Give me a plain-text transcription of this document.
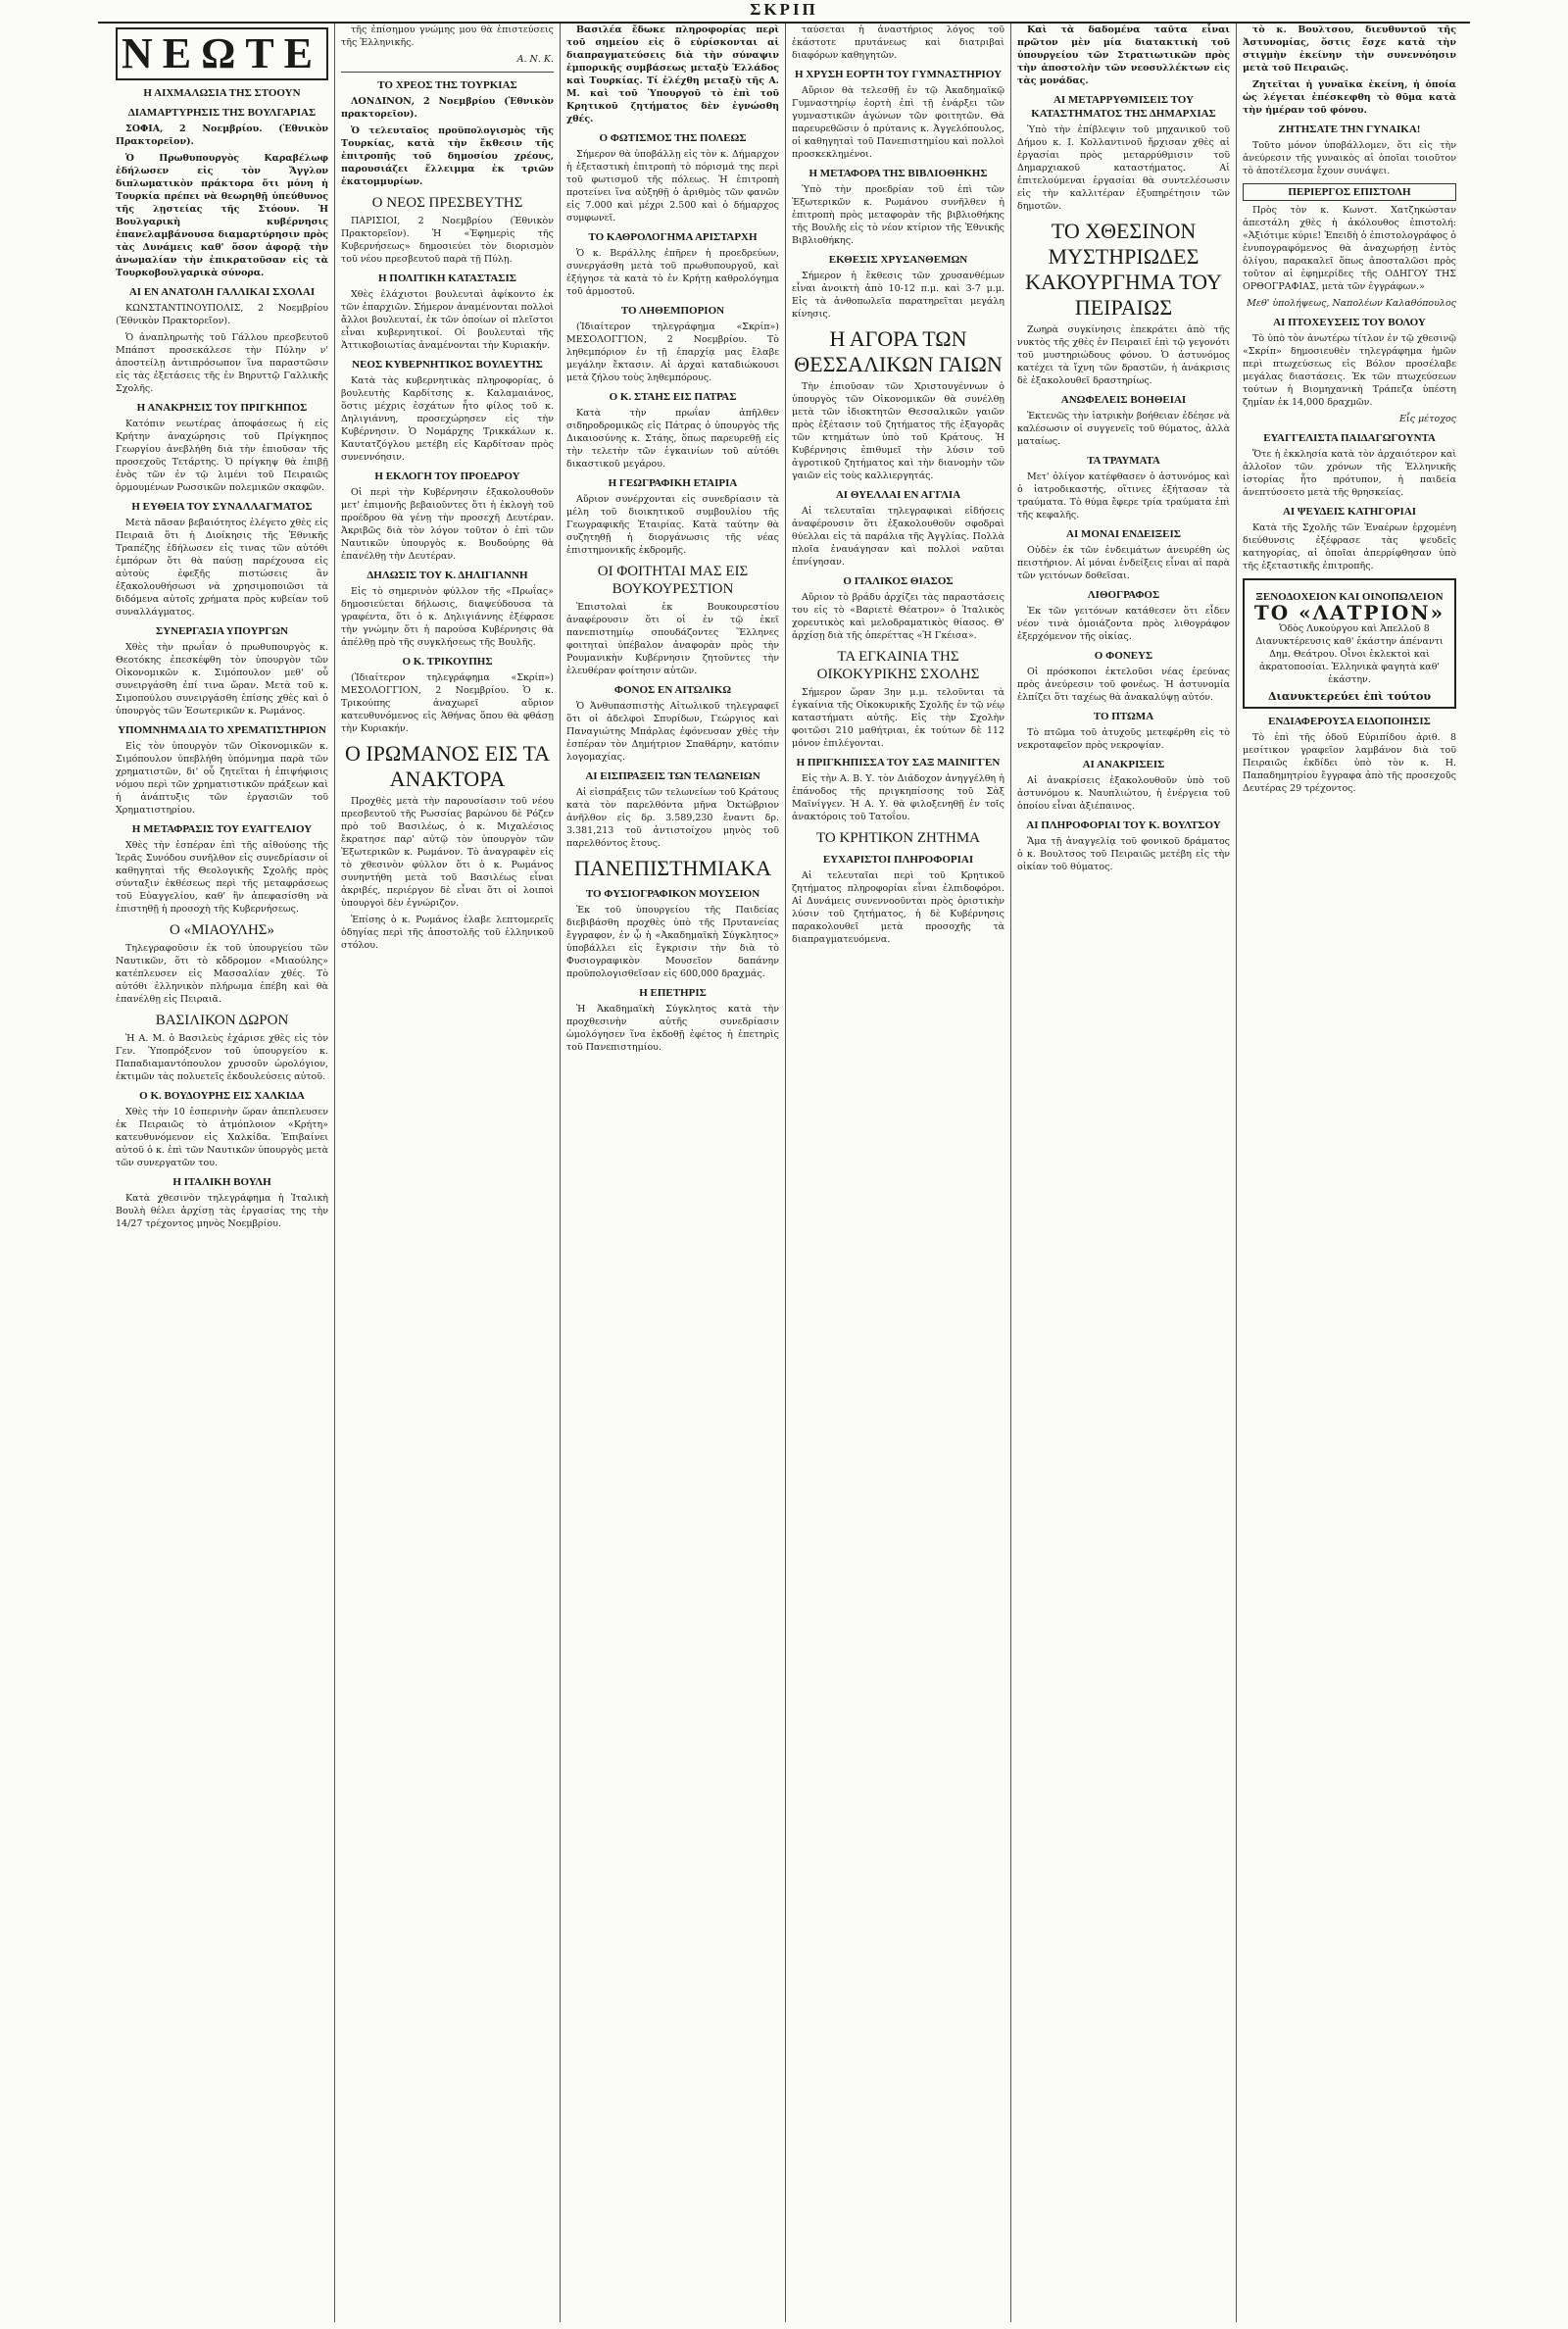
ΣΚΡΙΠ
ΝΕΩΤΕ
Η ΑΙΧΜΑΛΩΣΙΑ ΤΗΣ ΣΤΟΟΥΝ
ΔΙΑΜΑΡΤΥΡΗΣΙΣ ΤΗΣ ΒΟΥΛΓΑΡΙΑΣ

ΣΟΦΙΑ, 2 Νοεμβρίου. (Ἐθνικὸν Πρακτορεῖον).

Ὁ Πρωθυπουργὸς Καραβέλωφ ἐδήλωσεν εἰς τὸν Ἄγγλον διπλωματικὸν πράκτορα ὅτι μόνη ἡ Τουρκία πρέπει νὰ θεωρηθῇ ὑπεύθυνος τῆς λῃστείας τῆς Στόουν. Ἡ Βουλγαρικὴ κυβέρνησις ἐπανελαμβάνουσα διαμαρτύρησιν πρὸς τὰς Δυνάμεις καθ' ὅσον ἀφορᾷ τὴν ἀνωμαλίαν τὴν ἐπικρατοῦσαν εἰς τὰ Τουρκοβουλγαρικὰ σύνορα.

ΑΙ ΕΝ ΑΝΑΤΟΛΗ ΓΑΛΛΙΚΑΙ ΣΧΟΛΑΙ

ΚΩΝΣΤΑΝΤΙΝΟΥΠΟΛΙΣ, 2 Νοεμβρίου (Ἐθνικὸν Πρακτορεῖον).

Ὁ ἀναπληρωτὴς τοῦ Γάλλου πρεσβευτοῦ Μπάπστ προσεκάλεσε τὴν Πύλην ν' ἀποστείλῃ ἀντιπρόσωπον ἵνα παραστῶσιν εἰς τὰς ἐξετάσεις τῆς ἐν Βηρυττῷ Γαλλικῆς Σχολῆς.

Η ΑΝΑΚΡΗΣΙΣ ΤΟΥ ΠΡΙΓΚΗΠΟΣ

Κατόπιν νεωτέρας ἀποφάσεως ἡ εἰς Κρήτην ἀναχώρησις τοῦ Πρίγκηπος Γεωργίου ἀνεβλήθη διὰ τὴν ἐπιοῦσαν τῆς προσεχοῦς Τετάρτης. Ὁ πρίγκηψ θὰ ἐπιβῇ ἐνὸς τῶν ἐν τῷ λιμένι τοῦ Πειραιῶς ὁρμουμένων Ρωσσικῶν πολεμικῶν σκαφῶν.

Η ΕΥΘΕΙΑ ΤΟΥ ΣΥΝΑΛΛΑΓΜΑΤΟΣ

Μετὰ πᾶσαν βεβαιότητος ἐλέγετο χθὲς εἰς Πειραιᾶ ὅτι ἡ Διοίκησις τῆς Ἐθνικῆς Τραπέζης ἐδήλωσεν εἰς τινας τῶν αὐτόθι ἐμπόρων ὅτι θὰ παύσῃ παρέχουσα εἰς αὐτοὺς ἐφεξῆς πιστώσεις ἂν ἐξακολουθήσωσι νὰ χρησιμοποιῶσι τὰ διδόμενα αὐτοῖς χρήματα πρὸς κυβείαν τοῦ συναλλάγματος.

ΣΥΝΕΡΓΑΣΙΑ ΥΠΟΥΡΓΩΝ

Χθὲς τὴν πρωΐαν ὁ πρωθυπουργὸς κ. Θεοτόκης ἐπεσκέφθη τὸν ὑπουργὸν τῶν Οἰκονομικῶν κ. Σιμόπουλον μεθ' οὗ συνειργάσθη ἐπί τινα ὥραν. Μετὰ τοῦ κ. Σιμοπούλου συνειργάσθη ἐπίσης χθὲς καὶ ὁ ὑπουργὸς τῶν Ἐσωτερικῶν κ. Ρωμάνος.

ΥΠΟΜΝΗΜΑ ΔΙΑ ΤΟ ΧΡΕΜΑΤΙΣΤΗΡΙΟΝ

Εἰς τὸν ὑπουργὸν τῶν Οἰκονομικῶν κ. Σιμόπουλον ὑπεβλήθη ὑπόμνημα παρὰ τῶν χρηματιστῶν, δι' οὗ ζητεῖται ἡ ἐπιψήφισις νόμου περὶ τῶν χρηματιστικῶν πράξεων καὶ ἡ ἀνάπτυξις τῶν ἐργασιῶν τοῦ Χρηματιστηρίου.

Η ΜΕΤΑΦΡΑΣΙΣ ΤΟΥ ΕΥΑΓΓΕΛΙΟΥ

Χθὲς τὴν ἑσπέραν ἐπὶ τῆς αἰθούσης τῆς Ἱερᾶς Συνόδου συνῆλθον εἰς συνεδρίασιν οἱ καθηγηταὶ τῆς Θεολογικῆς Σχολῆς πρὸς σύνταξιν ἐκθέσεως περὶ τῆς μεταφράσεως τοῦ Εὐαγγελίου, καθ' ἣν ἀπεφασίσθη νὰ ἐπιστηθῇ ἡ προσοχὴ τῆς Κυβερνήσεως.

Ο «ΜΙΑΟΥΛΗΣ»

Τηλεγραφοῦσιν ἐκ τοῦ ὑπουργείου τῶν Ναυτικῶν, ὅτι τὸ κὄδρομον «Μιαούλης» κατέπλευσεν εἰς Μασσαλίαν χθές. Τὸ αὐτόθι ἑλληνικὸν πλήρωμα ἐπέβη καὶ θὰ ἐπανέλθῃ εἰς Πειραιᾶ.

ΒΑΣΙΛΙΚΟΝ ΔΩΡΟΝ

Ἡ Α. Μ. ὁ Βασιλεὺς ἐχάρισε χθὲς εἰς τὸν Γεν. Ὑποπρόξενον τοῦ ὑπουργείου κ. Παπαδιαμαντόπουλον χρυσοῦν ὡρολόγιον, ἐκτιμῶν τὰς πολυετεῖς ἐκδουλεύσεις αὐτοῦ.

Ο Κ. ΒΟΥΔΟΥΡΗΣ ΕΙΣ ΧΑΛΚΙΔΑ

Χθὲς τὴν 10 ἑσπερινὴν ὥραν ἀπεπλευσεν ἐκ Πειραιῶς τὸ ἀτμόπλοιον «Κρήτη» κατευθυνόμενον εἰς Χαλκίδα. Ἐπιβαίνει αὐτοῦ ὁ κ. ἐπὶ τῶν Ναυτικῶν ὑπουργὸς μετὰ τῶν συνεργατῶν του.

Η ΙΤΑΛΙΚΗ ΒΟΥΛΗ

Κατὰ χθεσινὸν τηλεγράφημα ἡ Ἰταλικὴ Βουλὴ θέλει ἀρχίσῃ τὰς ἐργασίας της τὴν 14/27 τρέχοντος μηνὸς Νοεμβρίου.

τῆς ἐπίσημου γνώμης μου θὰ ἐπιστεύσεις τῆς Ἑλληνικῆς.

Α. Ν. Κ.
ΤΟ ΧΡΕΟΣ ΤΗΣ ΤΟΥΡΚΙΑΣ

ΛΟΝΔΙΝΟΝ, 2 Νοεμβρίου (Ἐθνικὸν πρακτορεῖον).

Ὁ τελευταῖος προϋπολογισμὸς τῆς Τουρκίας, κατὰ τὴν ἔκθεσιν τῆς ἐπιτροπῆς τοῦ δημοσίου χρέους, παρουσιάζει ἔλλειμμα ἐκ τριῶν ἑκατομμυρίων.

Ο ΝΕΟΣ ΠΡΕΣΒΕΥΤΗΣ

ΠΑΡΙΣΙΟΙ, 2 Νοεμβρίου (Ἐθνικὸν Πρακτορεῖον). Ἡ «Ἐφημερὶς τῆς Κυβερνήσεως» δημοσιεύει τὸν διορισμὸν τοῦ νέου πρεσβευτοῦ παρὰ τῇ Πύλῃ.

Η ΠΟΛΙΤΙΚΗ ΚΑΤΑΣΤΑΣΙΣ

Χθὲς ἐλάχιστοι βουλευταὶ ἀφίκοντο ἐκ τῶν ἐπαρχιῶν. Σήμερον ἀναμένονται πολλοὶ ἄλλοι βουλευταί, ἐκ τῶν ὁποίων οἱ πλεῖστοι εἶναι κυβερνητικοί. Οἱ βουλευταὶ τῆς Ἀττικοβοιωτίας ἀναμένονται τὴν Κυριακήν.

ΝΕΟΣ ΚΥΒΕΡΝΗΤΙΚΟΣ ΒΟΥΛΕΥΤΗΣ

Κατὰ τὰς κυβερνητικὰς πληροφορίας, ὁ βουλευτὴς Καρδίτσης κ. Καλαμαιάνος, ὅστις μέχρις ἐσχάτων ἦτο φίλος τοῦ κ. Δηλιγιάννη, προσεχώρησεν εἰς τὴν Κυβέρνησιν. Ὁ Νομάρχης Τρικκάλων κ. Καυτατζόγλου μετέβη εἰς Καρδίτσαν πρὸς συνεννόησιν.

Η ΕΚΛΟΓΗ ΤΟΥ ΠΡΟΕΔΡΟΥ

Οἱ περὶ τὴν Κυβέρνησιν ἐξακολουθοῦν μετ' ἐπιμονῆς βεβαιοῦντες ὅτι ἡ ἐκλογὴ τοῦ προέδρου θὰ γένῃ τὴν προσεχῆ Δευτέραν. Ἀκριβῶς διὰ τὸν λόγον τοῦτον ὁ ἐπὶ τῶν Ναυτικῶν ὑπουργὸς κ. Βουδούρης θὰ ἐπανέλθῃ τὴν Δευτέραν.

ΔΗΛΩΣΙΣ ΤΟΥ Κ. ΔΗΛΙΓΙΑΝΝΗ

Εἰς τὸ σημερινὸν φύλλον τῆς «Πρωΐας» δημοσιεύεται δήλωσις, διαψεύδουσα τὰ γραφέντα, ὅτι ὁ κ. Δηλιγιάννης ἐξέφρασε τὴν γνώμην ὅτι ἡ παρούσα Κυβέρνησις θὰ ἀπέλθῃ πρὸ τῆς συγκλήσεως τῆς Βουλῆς.

Ο Κ. ΤΡΙΚΟΥΠΗΣ

(Ἰδιαίτερον τηλεγράφημα «Σκρίπ») ΜΕΣΟΛΟΓΓΙΟΝ, 2 Νοεμβρίου. Ὁ κ. Τρικούπης ἀναχωρεῖ αὔριον κατευθυνόμενος εἰς Ἀθήνας ὅπου θὰ φθάσῃ τὴν Κυριακήν.

Ο ΙΡΩΜΑΝΟΣ ΕΙΣ ΤΑ ΑΝΑΚΤΟΡΑ

Προχθὲς μετὰ τὴν παρουσίασιν τοῦ νέου πρεσβευτοῦ τῆς Ρωσσίας βαρώνου δὲ Ρόζεν πρὸ τοῦ Βασιλέως, ὁ κ. Μιχαλέσιος ἔκρατησε παρ' αὐτῷ τὸν ὑπουργὸν τῶν Ἐξωτερικῶν κ. Ρωμάνον. Τὸ ἀναγραφὲν εἰς τὸ χθεσινὸν φύλλον ὅτι ὁ κ. Ρωμάνος συνηντήθη μετὰ τοῦ Βασιλέως εἶναι ἀκριβές, περιέργον δὲ εἶναι ὅτι οἱ λοιποὶ ὑπουργοὶ δὲν ἐγνώριζον.

Ἐπίσης ὁ κ. Ρωμάνος ἐλαβε λεπτομερεῖς ὁδηγίας περὶ τῆς ἀποστολῆς τοῦ ἑλληνικοῦ στόλου.

Βασιλέα ἔδωκε πληροφορίας περὶ τοῦ σημείου εἰς ὃ εὑρίσκονται αἱ διαπραγματεύσεις διὰ τὴν σύναψιν ἐμπορικῆς συμβάσεως μεταξὺ Ἑλλάδος καὶ Τουρκίας. Τί ἐλέχθη μεταξὺ τῆς Α. Μ. καὶ τοῦ Ὑπουργοῦ τὸ ἐπὶ τοῦ Κρητικοῦ ζητήματος δὲν ἐγνώσθη χθές.

Ο ΦΩΤΙΣΜΟΣ ΤΗΣ ΠΟΛΕΩΣ

Σήμερον θὰ ὑποβάλλῃ εἰς τὸν κ. Δήμαρχον ἡ ἐξεταστικὴ ἐπιτροπὴ τὸ πόρισμά της περὶ τοῦ φωτισμοῦ τῆς πόλεως. Ἡ ἐπιτροπὴ προτείνει ἵνα αὐξηθῇ ὁ ἀριθμὸς τῶν φανῶν εἰς 7.000 καὶ μέχρι 2.500 καὶ ὁ δήμαρχος συμφωνεῖ.

ΤΟ ΚΑΘΡΟΛΟΓΗΜΑ ΑΡΙΣΤΑΡΧΗ

Ὁ κ. Βεράλλης ἐπῆρεν ἡ προεδρεύων, συνεργάσθη μετὰ τοῦ πρωθυπουργοῦ, καὶ ἐξήγησε τὰ κατὰ τὸ ἐν Κρήτῃ καθρολόγημα τοῦ ἀρμοστοῦ.

ΤΟ ΛΗΘΕΜΠΟΡΙΟΝ

(Ἰδιαίτερον τηλεγράφημα «Σκρίπ») ΜΕΣΟΛΟΓΓΙΟΝ, 2 Νοεμβρίου. Τὸ ληθεμπόριον ἐν τῇ ἐπαρχίᾳ μας ἔλαβε μεγάλην ἔκτασιν. Αἱ ἀρχαὶ καταδιώκουσι μετὰ ζήλου τοὺς ληθεμπόρους.

Ο Κ. ΣΤΑΗΣ ΕΙΣ ΠΑΤΡΑΣ

Κατὰ τὴν πρωΐαν ἀπῆλθεν σιδηροδρομικῶς εἰς Πάτρας ὁ ὑπουργὸς τῆς Δικαιοσύνης κ. Στάης, ὅπως παρευρεθῇ εἰς τὴν τελετὴν τῶν ἐγκαινίων τοῦ αὐτόθι δικαστικοῦ μεγάρου.

Η ΓΕΩΓΡΑΦΙΚΗ ΕΤΑΙΡΙΑ

Αὔριον συνέρχονται εἰς συνεδρίασιν τὰ μέλη τοῦ διοικητικοῦ συμβουλίου τῆς Γεωγραφικῆς Ἑταιρίας. Κατὰ ταύτην θὰ συζητηθῇ ἡ διοργάνωσις τῆς νέας ἐπιστημονικῆς ἐκδρομῆς.

ΟΙ ΦΟΙΤΗΤΑΙ ΜΑΣ ΕΙΣ ΒΟΥΚΟΥΡΕΣΤΙΟΝ

Ἐπιστολαὶ ἐκ Βουκουρεστίου ἀναφέρουσιν ὅτι οἱ ἐν τῷ ἐκεῖ πανεπιστημίῳ σπουδάζοντες Ἕλληνες φοιτηταὶ ὑπέβαλον ἀναφορὰν πρὸς τὴν Ρουμανικὴν Κυβέρνησιν ζητοῦντες τὴν ἐλευθέραν φοίτησιν αὐτῶν.

ΦΟΝΟΣ ΕΝ ΑΙΤΩΛΙΚΩ

Ὁ Ἀνθυπασπιστὴς Αἰτωλικοῦ τηλεγραφεῖ ὅτι οἱ ἀδελφοὶ Σπυρίδων, Γεώργιος καὶ Παναγιώτης Μπάρλας ἐφόνευσαν χθὲς τὴν ἑσπέραν τὸν Δημήτριον Σπαθάρην, κατόπιν λογομαχίας.

ΑΙ ΕΙΣΠΡΑΞΕΙΣ ΤΩΝ ΤΕΛΩΝΕΙΩΝ

Αἱ εἰσπράξεις τῶν τελωνείων τοῦ Κράτους κατὰ τὸν παρελθόντα μῆνα Ὀκτώβριον ἀνῆλθον εἰς δρ. 3.589,230 ἔναντι δρ. 3.381,213 τοῦ ἀντιστοίχου μηνὸς τοῦ παρελθόντος ἔτους.

ΠΑΝΕΠΙΣΤΗΜΙΑΚΑ
ΤΟ ΦΥΣΙΟΓΡΑΦΙΚΟΝ ΜΟΥΣΕΙΟΝ

Ἐκ τοῦ ὑπουργείου τῆς Παιδείας διεβιβάσθη προχθὲς ὑπὸ τῆς Πρυτανείας ἔγγραφον, ἐν ᾧ ἡ «Ἀκαδημαϊκὴ Σύγκλητος» ὑποβάλλει εἰς ἔγκρισιν τὴν διὰ τὸ Φυσιογραφικὸν Μουσεῖον δαπάνην προϋπολογισθεῖσαν εἰς 600,000 δραχμάς.

Η ΕΠΕΤΗΡΙΣ

Ἡ Ἀκαδημαϊκὴ Σύγκλητος κατὰ τὴν προχθεσινὴν αὐτῆς συνεδρίασιν ὡμολόγησεν ἵνα ἐκδοθῇ ἐφέτος ἡ ἐπετηρὶς τοῦ Πανεπιστημίου.

ταύσεται ἡ ἀναστήριος λόγος τοῦ ἐκάστοτε πρυτάνεως καὶ διατριβαὶ διαφόρων καθηγητῶν.

Η ΧΡΥΣΗ ΕΟΡΤΗ ΤΟΥ ΓΥΜΝΑΣΤΗΡΙΟΥ

Αὔριον θὰ τελεσθῇ ἐν τῷ Ἀκαδημαϊκῷ Γυμναστηρίῳ ἑορτὴ ἐπὶ τῇ ἐνάρξει τῶν γυμναστικῶν ἀγώνων τῶν φοιτητῶν. Θὰ παρευρεθῶσιν ὁ πρύτανις κ. Ἀγγελόπουλος, οἱ καθηγηταὶ τοῦ Πανεπιστημίου καὶ πολλοὶ προσκεκλημένοι.

Η ΜΕΤΑΦΟΡΑ ΤΗΣ ΒΙΒΛΙΟΘΗΚΗΣ

Ὑπὸ τὴν προεδρίαν τοῦ ἐπὶ τῶν Ἐξωτερικῶν κ. Ρωμάνου συνῆλθεν ἡ ἐπιτροπὴ πρὸς μεταφορὰν τῆς βιβλιοθήκης τῆς Βουλῆς εἰς τὸ νέον κτίριον τῆς Ἐθνικῆς Βιβλιοθήκης.

ΕΚΘΕΣΙΣ ΧΡΥΣΑΝΘΕΜΩΝ

Σήμερον ἡ ἔκθεσις τῶν χρυσανθέμων εἶναι ἀνοικτὴ ἀπὸ 10-12 π.μ. καὶ 3-7 μ.μ. Εἰς τὰ ἀνθοπωλεῖα παρατηρεῖται μεγάλη κίνησις.

Η ΑΓΟΡΑ ΤΩΝ ΘΕΣΣΑΛΙΚΩΝ ΓΑΙΩΝ

Τὴν ἐπιοῦσαν τῶν Χριστουγέννων ὁ ὑπουργὸς τῶν Οἰκονομικῶν θὰ συνέλθῃ μετὰ τῶν ἰδιοκτητῶν Θεσσαλικῶν γαιῶν πρὸς ἐξέτασιν τοῦ ζητήματος τῆς ἐξαγορᾶς τῶν κτημάτων ὑπὸ τοῦ Κράτους. Ἡ Κυβέρνησις ἐπιθυμεῖ τὴν λύσιν τοῦ ἀγροτικοῦ ζητήματος καὶ τὴν διανομὴν τῶν γαιῶν εἰς τοὺς καλλιεργητάς.

ΑΙ ΘΥΕΛΛΑΙ ΕΝ ΑΓΓΛΙΑ

Αἱ τελευταῖαι τηλεγραφικαὶ εἰδήσεις ἀναφέρουσιν ὅτι ἐξακολουθοῦν σφοδραὶ θύελλαι εἰς τὰ παράλια τῆς Ἀγγλίας. Πολλὰ πλοῖα ἐναυάγησαν καὶ πολλοὶ ναῦται ἐπνίγησαν.

Ο ΙΤΑΛΙΚΟΣ ΘΙΑΣΟΣ

Αὔριον τὸ βράδυ ἀρχίζει τὰς παραστάσεις του εἰς τὸ «Βαριετὲ Θέατρον» ὁ Ἰταλικὸς χορευτικὸς καὶ μελοδραματικὸς θίασος. Θ' ἀρχίσῃ διὰ τῆς ὀπερέττας «Ἡ Γκέισα».

ΤΑ ΕΓΚΑΙΝΙΑ ΤΗΣ ΟΙΚΟΚΥΡΙΚΗΣ ΣΧΟΛΗΣ

Σήμερον ὥραν 3ην μ.μ. τελοῦνται τὰ ἐγκαίνια τῆς Οἰκοκυρικῆς Σχολῆς ἐν τῷ νέῳ καταστήματι αὐτῆς. Εἰς τὴν Σχολὴν φοιτῶσι 210 μαθήτριαι, ἐκ τούτων δὲ 112 μόνον ἐπιλέγονται.

Η ΠΡΙΓΚΗΠΙΣΣΑ ΤΟΥ ΣΑΞ ΜΑΙΝΙΓΓΕΝ

Εἰς τὴν Α. Β. Υ. τὸν Διάδοχον ἀνηγγέλθη ἡ ἐπάνοδος τῆς πριγκηπίσσης τοῦ Σὰξ Μαϊνίγγεν. Ἡ Α. Υ. θὰ φιλοξενηθῇ ἐν τοῖς ἀνακτόροις τοῦ Τατοΐου.

ΤΟ ΚΡΗΤΙΚΟΝ ΖΗΤΗΜΑ
ΕΥΧΑΡΙΣΤΟΙ ΠΛΗΡΟΦΟΡΙΑΙ

Αἱ τελευταῖαι περὶ τοῦ Κρητικοῦ ζητήματος πληροφορίαι εἶναι ἐλπιδοφόροι. Αἱ Δυνάμεις συνεννοοῦνται πρὸς ὁριστικὴν λύσιν τοῦ ζητήματος, ἡ δὲ Κυβέρνησις παρακολουθεῖ μετὰ προσοχῆς τὰ διαπραγματευόμενα.

Καὶ τὰ δαδομένα ταῦτα εἶναι πρῶτον μὲν μία διατακτικὴ τοῦ ὑπουργείου τῶν Στρατιωτικῶν πρὸς τὴν ἀποστολὴν τῶν νεοσυλλέκτων εἰς τὰς μονάδας.

ΑΙ ΜΕΤΑΡΡΥΘΜΙΣΕΙΣ ΤΟΥ ΚΑΤΑΣΤΗΜΑΤΟΣ ΤΗΣ ΔΗΜΑΡΧΙΑΣ

Ὑπὸ τὴν ἐπίβλεψιν τοῦ μηχανικοῦ τοῦ Δήμου κ. Ι. Κολλαντινοῦ ἤρχισαν χθὲς αἱ ἐργασίαι πρὸς μεταρρύθμισιν τοῦ Δημαρχιακοῦ καταστήματος. Αἱ ἐπιτελούμεναι ἐργασίαι θὰ συντελέσωσιν εἰς τὴν καλλιτέραν ἐξυπηρέτησιν τῶν δημοτῶν.

ΤΟ ΧΘΕΣΙΝΟΝ ΜΥΣΤΗΡΙΩΔΕΣ ΚΑΚΟΥΡΓΗΜΑ ΤΟΥ ΠΕΙΡΑΙΩΣ

Ζωηρὰ συγκίνησις ἐπεκράτει ἀπὸ τῆς νυκτὸς τῆς χθὲς ἐν Πειραιεῖ ἐπὶ τῷ γεγονότι τοῦ μυστηριώδους φόνου. Ὁ ἀστυνόμος κατέχει τὰ ἴχνη τῶν δραστῶν, ἡ ἀνάκρισις δὲ ἐξακολουθεῖ δραστηρίως.

ΑΝΩΦΕΛΕΙΣ ΒΟΗΘΕΙΑΙ

Ἐκτενῶς τὴν ἰατρικὴν βοήθειαν ἐδέησε νὰ καλέσωσιν οἱ συγγενεῖς τοῦ θύματος, ἀλλὰ ματαίως.

ΤΑ ΤΡΑΥΜΑΤΑ

Μετ' ὀλίγον κατέφθασεν ὁ ἀστυνόμος καὶ ὁ ἰατροδικαστής, οἵτινες ἐξήτασαν τὰ τραύματα. Τὸ θύμα ἔφερε τρία τραύματα ἐπὶ τῆς κεφαλῆς.

ΑΙ ΜΟΝΑΙ ΕΝΔΕΙΞΕΙΣ

Οὐδὲν ἐκ τῶν ἐνδειμάτων ἀνευρέθη ὡς πειστήριον. Αἱ μόναι ἐνδείξεις εἶναι αἱ παρὰ τῶν γειτόνων δοθεῖσαι.

ΛΙΘΟΓΡΑΦΟΣ

Ἐκ τῶν γειτόνων κατάθεσεν ὅτι εἶδεν νέον τινὰ ὁμοιάζοντα πρὸς λιθογράφον ἐξερχόμενον τῆς οἰκίας.

Ο ΦΟΝΕΥΣ

Οἱ πρόσκοποι ἐκτελοῦσι νέας ἐρεύνας πρὸς ἀνεύρεσιν τοῦ φονέως. Ἡ ἀστυνομία ἐλπίζει ὅτι ταχέως θὰ ἀνακαλύψῃ αὐτόν.

ΤΟ ΠΤΩΜΑ

Τὸ πτῶμα τοῦ ἀτυχοῦς μετεφέρθη εἰς τὸ νεκροταφεῖον πρὸς νεκροψίαν.

ΑΙ ΑΝΑΚΡΙΣΕΙΣ

Αἱ ἀνακρίσεις ἐξακολουθοῦν ὑπὸ τοῦ ἀστυνόμου κ. Ναυπλιώτου, ἡ ἐνέργεια τοῦ ὁποίου εἶναι ἀξιέπαινος.

ΑΙ ΠΛΗΡΟΦΟΡΙΑΙ ΤΟΥ Κ. ΒΟΥΛΤΣΟΥ

Ἅμα τῇ ἀναγγελίᾳ τοῦ φονικοῦ δράματος ὁ κ. Βουλτσος τοῦ Πειραιῶς μετέβη εἰς τὴν οἰκίαν τοῦ θύματος.

τὸ κ. Βουλτσου, διευθυντοῦ τῆς Ἀστυνομίας, ὅστις ἔσχε κατὰ τὴν στιγμὴν ἐκείνην τὴν συνεννόησιν μετὰ τοῦ Πειραιῶς.

Ζητεῖται ἡ γυναῖκα ἐκείνη, ἡ ὁποία ὡς λέγεται ἐπέσκεφθη τὸ θῦμα κατὰ τὴν ἡμέραν τοῦ φόνου.

ΖΗΤΗΣΑΤΕ ΤΗΝ ΓΥΝΑΙΚΑ!

Τοῦτο μόνον ὑποβάλλομεν, ὅτι εἰς τὴν ἀνεύρεσιν τῆς γυναικὸς αἱ ὁποῖαι τοιοῦτον τὸ ἀποτέλεσμα ἔχουν συνάψει.

ΠΕΡΙΕΡΓΟΣ ΕΠΙΣΤΟΛΗ

Πρὸς τὸν κ. Κωνστ. Χατζηκώσταν ἀπεστάλη χθὲς ἡ ἀκόλουθος ἐπιστολή: «Ἀξιότιμε κύριε! Ἐπειδὴ ὁ ἐπιστολογράφος ὁ ἐνυπογραφόμενος θὰ ἀναχωρήσῃ ἐντὸς ὀλίγου, παρακαλεῖ ὅπως ἀποσταλῶσι πρὸς τοῦτον αἱ ἐφημερίδες τῆς ΟΔΗΓΟΥ ΤΗΣ ΟΡΘΟΓΡΑΦΙΑΣ, μετὰ τῶν ἐγγράφων.»

Μεθ' ὑπολήψεως, Ναπολέων Καλαθόπουλος
ΑΙ ΠΤΟΧΕΥΣΕΙΣ ΤΟΥ ΒΟΛΟΥ

Τὸ ὑπὸ τὸν ἀνωτέρω τίτλον ἐν τῷ χθεσινῷ «Σκρίπ» δημοσιευθὲν τηλεγράφημα ἡμῶν περὶ πτωχεύσεως εἰς Βόλον προσέλαβε μεγάλας διαστάσεις. Ἐκ τῶν πτωχεύσεων τούτων ἡ Βιομηχανικὴ Τράπεζα ὑπέστη ζημίαν ἐκ 14,000 δραχμῶν.

Εἷς μέτοχος
ΕΥΑΓΓΕΛΙΣΤΑ ΠΑΙΔΑΓΩΓΟΥΝΤΑ

Ὅτε ἡ ἐκκλησία κατὰ τὸν ἀρχαιότερον καὶ ἀλλοῖον τῶν χρόνων τῆς Ἑλληνικῆς ἱστορίας ἦτο πρότυπον, ἡ παιδεία ἀνεπτύσσετο μετὰ τῆς θρησκείας.

ΑΙ ΨΕΥΔΕΙΣ ΚΑΤΗΓΟΡΙΑΙ

Κατὰ τῆς Σχολῆς τῶν Ἐναέρων ἐρχομένη διεύθυνσις ἐξέφρασε τὰς ψευδεῖς κατηγορίας, αἱ ὁποῖαι ἀπερρίφθησαν ὑπὸ τῆς ἐξεταστικῆς ἐπιτροπῆς.

ΞΕΝΟΔΟΧΕΙΟΝ ΚΑΙ ΟΙΝΟΠΩΛΕΙΟΝ
ΤΟ «ΛΑΤΡΙΟΝ»

Ὁδὸς Λυκούργου καὶ Ἀπελλοῦ 8 Διανυκτέρευσις καθ' ἑκάστην ἀπέναντι Δημ. Θεάτρου. Οἶνοι ἐκλεκτοὶ καὶ ἀκρατοποσίαι. Ἑλληνικὰ φαγητὰ καθ' ἑκάστην.

Διανυκτερεύει ἐπὶ τούτου
ΕΝΔΙΑΦΕΡΟΥΣΑ ΕΙΔΟΠΟΙΗΣΙΣ

Τὸ ἐπὶ τῆς ὁδοῦ Εὐριπίδου ἀριθ. 8 μεσίτικον γραφεῖον λαμβάνον διὰ τοῦ Πειραιῶς ἐκδίδει ὑπὸ τὸν κ. Η. Παπαδημητρίου ἔγγραφα ἀπὸ τῆς προσεχοῦς Δευτέρας 29 τρέχοντος.
